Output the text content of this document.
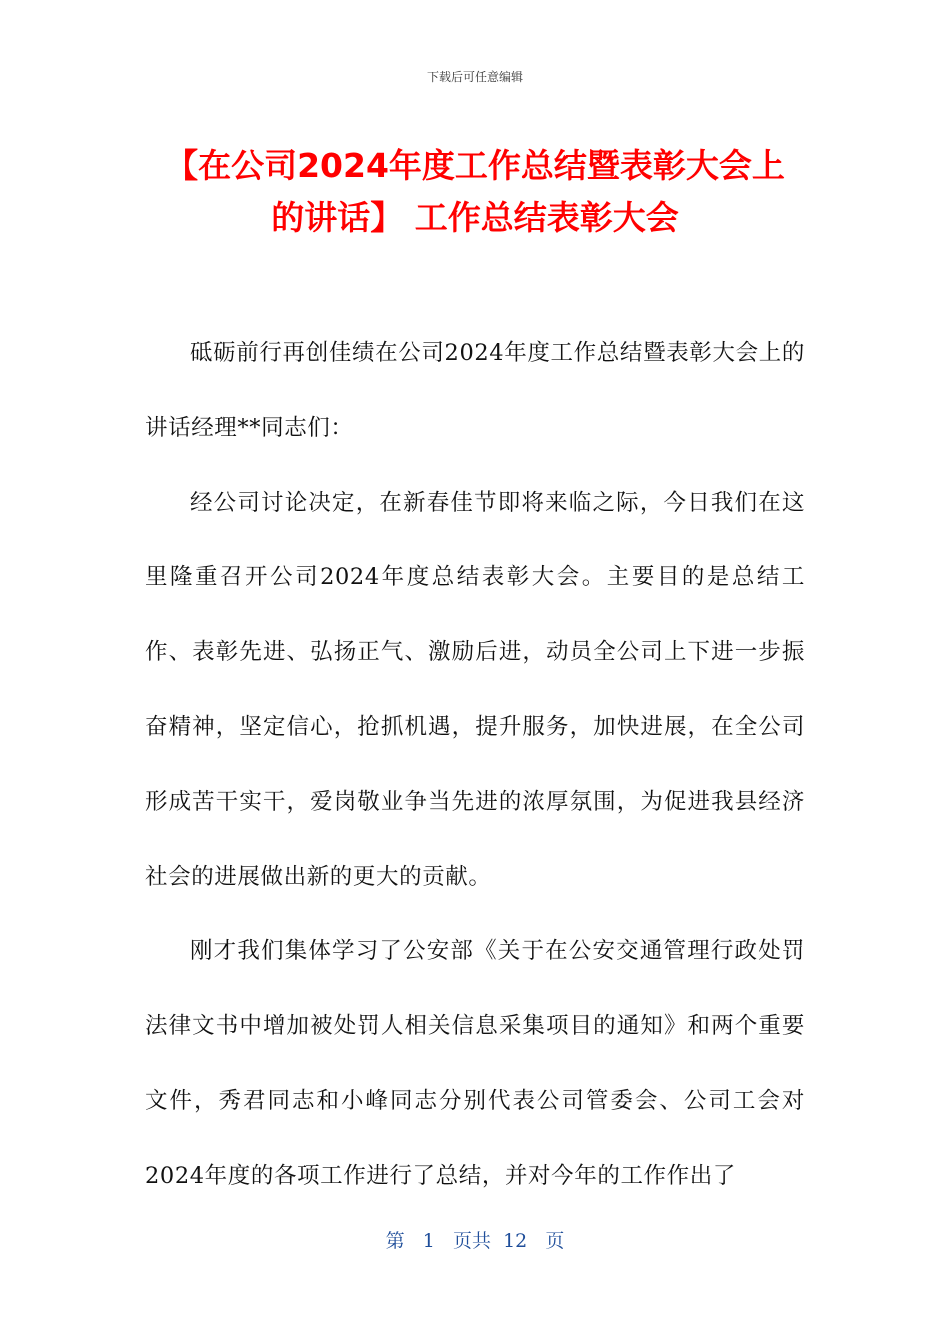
下载后可任意编辑
【在公司2024年度工作总结暨表彰大会上
的讲话】 工作总结表彰大会

砥砺前行再创佳绩在公司2024年度工作总结暨表彰大会上的讲话经理**同志们：

经公司讨论决定，在新春佳节即将来临之际，今日我们在这里隆重召开公司2024年度总结表彰大会。主要目的是总结工作、表彰先进、弘扬正气、激励后进，动员全公司上下进一步振奋精神，坚定信心，抢抓机遇，提升服务，加快进展，在全公司形成苦干实干，爱岗敬业争当先进的浓厚氛围，为促进我县经济社会的进展做出新的更大的贡献。

刚才我们集体学习了公安部《关于在公安交通管理行政处罚法律文书中增加被处罚人相关信息采集项目的通知》和两个重要文件，秀君同志和小峰同志分别代表公司管委会、公司工会对2024年度的各项工作进行了总结，并对今年的工作作出了

第 1 页共 12 页
